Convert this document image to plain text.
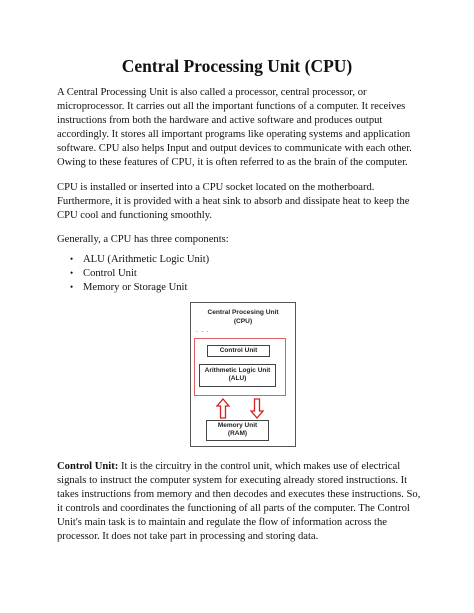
Central Processing Unit (CPU)

A Central Processing Unit is also called a processor, central processor, or microprocessor. It carries out all the important functions of a computer. It receives instructions from both the hardware and active software and produces output accordingly. It stores all important programs like operating systems and application software. CPU also helps Input and output devices to communicate with each other. Owing to these features of CPU, it is often referred to as the brain of the computer.

CPU is installed or inserted into a CPU socket located on the motherboard. Furthermore, it is provided with a heat sink to absorb and dissipate heat to keep the CPU cool and functioning smoothly.

Generally, a CPU has three components:

• ALU (Arithmetic Logic Unit)
• Control Unit
• Memory or Storage Unit
Central Procesing Unit
(CPU)
. . .
Control Unit
Arithmetic Logic Unit
(ALU)
Memory Unit
(RAM)

Control Unit: It is the circuitry in the control unit, which makes use of electrical signals to instruct the computer system for executing already stored instructions. It takes instructions from memory and then decodes and executes these instructions. So, it controls and coordinates the functioning of all parts of the computer. The Control Unit's main task is to maintain and regulate the flow of information across the processor. It does not take part in processing and storing data.
